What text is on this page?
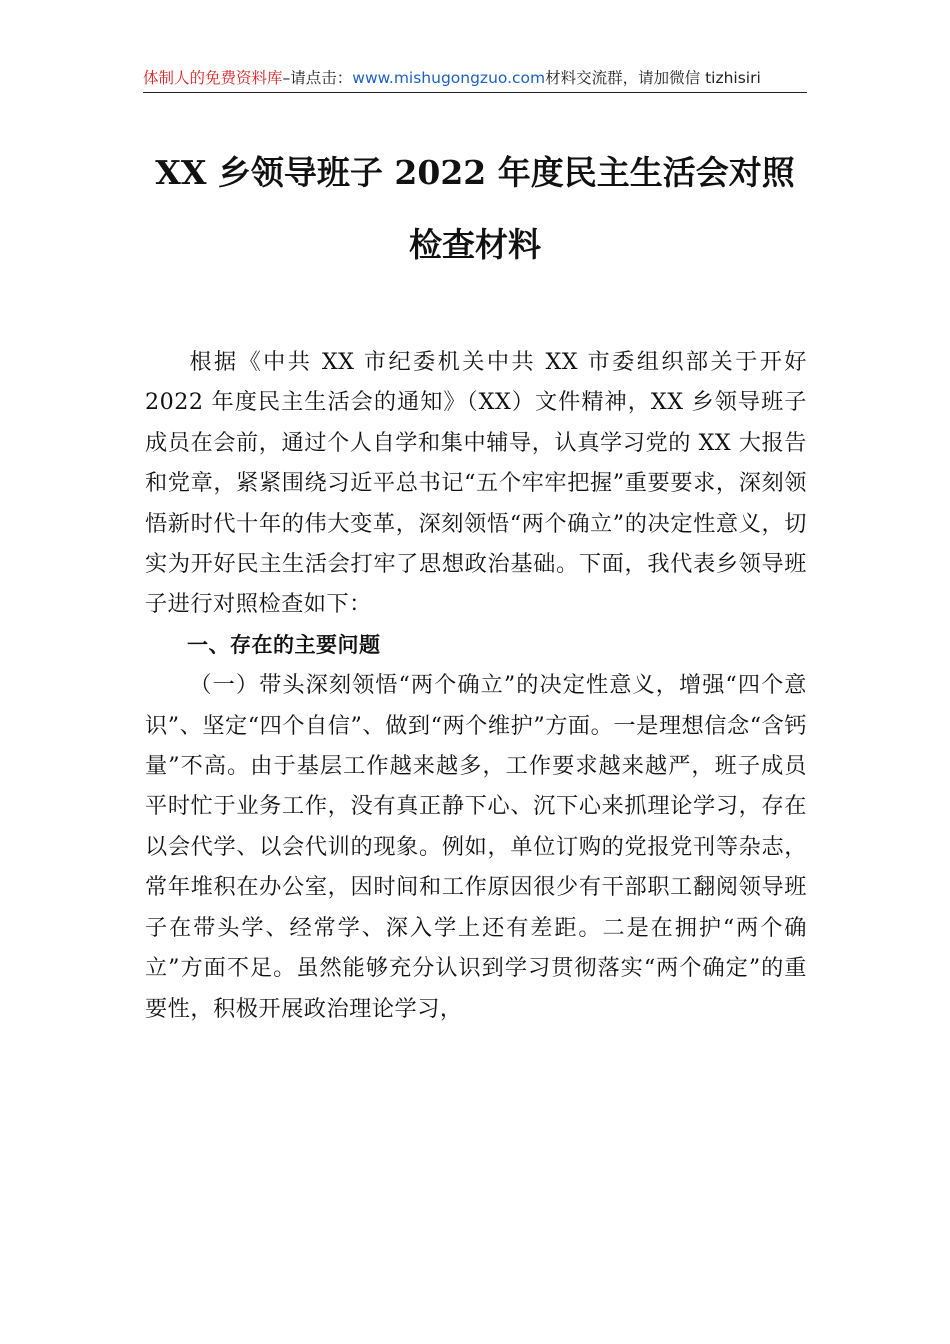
体制人的免费资料库–请点击：www.mishugongzuo.com材料交流群，请加微信 tizhisiri
XX 乡领导班子 2022 年度民主生活会对照
检查材料

根据《中共 XX 市纪委机关中共 XX 市委组织部关于开好 2022 年度民主生活会的通知》（XX）文件精神，XX 乡领导班子成员在会前，通过个人自学和集中辅导，认真学习党的 XX 大报告和党章，紧紧围绕习近平总书记“五个牢牢把握”重要要求，深刻领悟新时代十年的伟大变革，深刻领悟“两个确立”的决定性意义，切实为开好民主生活会打牢了思想政治基础。下面，我代表乡领导班子进行对照检查如下：

一、存在的主要问题

（一）带头深刻领悟“两个确立”的决定性意义，增强“四个意识”、坚定“四个自信”、做到“两个维护”方面。一是理想信念“含钙量”不高。由于基层工作越来越多，工作要求越来越严，班子成员平时忙于业务工作，没有真正静下心、沉下心来抓理论学习，存在以会代学、以会代训的现象。例如，单位订购的党报党刊等杂志，常年堆积在办公室，因时间和工作原因很少有干部职工翻阅领导班子在带头学、经常学、深入学上还有差距。二是在拥护“两个确立”方面不足。虽然能够充分认识到学习贯彻落实“两个确定”的重要性，积极开展政治理论学习，
